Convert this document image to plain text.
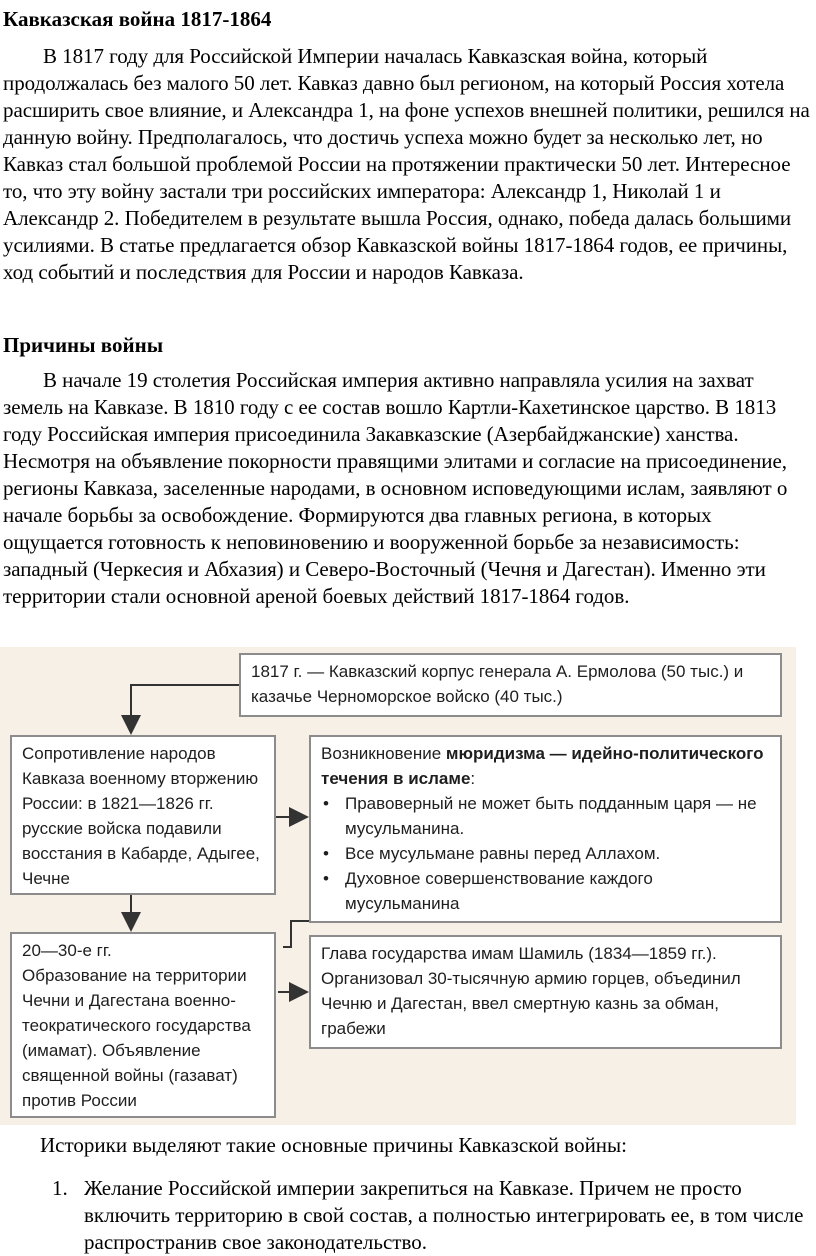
Кавказская война 1817-1864

В 1817 году для Российской Империи началась Кавказская война, который продолжалась без малого 50 лет. Кавказ давно был регионом, на который Россия хотела расширить свое влияние, и Александра 1, на фоне успехов внешней политики, решился на данную войну. Предполагалось, что достичь успеха можно будет за несколько лет, но Кавказ стал большой проблемой России на протяжении практически 50 лет. Интересное то, что эту войну застали три российских императора: Александр 1, Николай 1 и Александр 2. Победителем в результате вышла Россия, однако, победа далась большими усилиями. В статье предлагается обзор Кавказской войны 1817-1864 годов, ее причины, ход событий и последствия для России и народов Кавказа.

Причины войны

В начале 19 столетия Российская империя активно направляла усилия на захват земель на Кавказе. В 1810 году с ее состав вошло Картли-Кахетинское царство. В 1813 году Российская империя присоединила Закавказские (Азербайджанские) ханства. Несмотря на объявление покорности правящими элитами и согласие на присоединение, регионы Кавказа, заселенные народами, в основном исповедующими ислам, заявляют о начале борьбы за освобождение. Формируются два главных региона, в которых ощущается готовность к неповиновению и вооруженной борьбе за независимость: западный (Черкесия и Абхазия) и Северо-Восточный (Чечня и Дагестан). Именно эти территории стали основной ареной боевых действий 1817-1864 годов.

1817 г. — Кавказский корпус генерала А. Ермолова (50 тыс.) и казачье Черноморское войско (40 тыс.)
Сопротивление народов Кавказа военному вторжению России: в 1821—1826 гг. русские войска подавили восстания в Кабарде, Адыгее, Чечне
Возникновение мюридизма — идейно-политического течения в исламе:
• Правоверный не может быть подданным царя — не мусульманина.
• Все мусульмане равны перед Аллахом.
• Духовное совершенствование каждого мусульманина
20—30-е гг.
Образование на территории Чечни и Дагестана военно-теократического государства (имамат). Объявление священной войны (газават) против России
Глава государства имам Шамиль (1834—1859 гг.). Организовал 30-тысячную армию горцев, объединил Чечню и Дагестан, ввел смертную казнь за обман, грабежи
Историки выделяют такие основные причины Кавказской войны:
1. Желание Российской империи закрепиться на Кавказе. Причем не просто включить территорию в свой состав, а полностью интегрировать ее, в том числе распространив свое законодательство.
